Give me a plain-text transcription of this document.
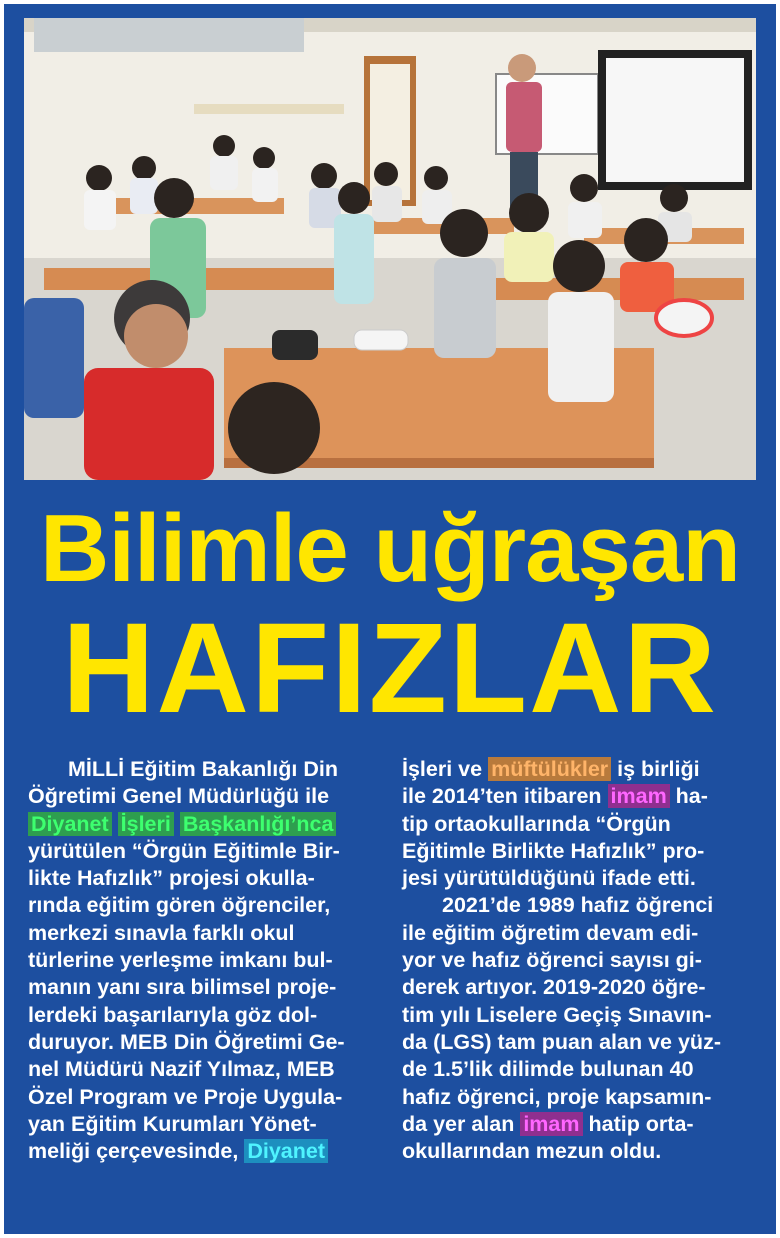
Bilimle uğraşan
HAFIZLAR

MİLLİ Eğitim Bakanlığı Din
Öğretimi Genel Müdürlüğü ile
Diyanet İşleri Başkanlığı’nca
yürütülen “Örgün Eğitimle Bir-
likte Hafızlık” projesi okulla-
rında eğitim gören öğrenciler,
merkezi sınavla farklı okul
türlerine yerleşme imkanı bul-
manın yanı sıra bilimsel proje-
lerdeki başarılarıyla göz dol-
duruyor. MEB Din Öğretimi Ge-
nel Müdürü Nazif Yılmaz, MEB
Özel Program ve Proje Uygula-
yan Eğitim Kurumları Yönet-
meliği çerçevesinde, Diyanet

İşleri ve müftülükler iş birliği
ile 2014’ten itibaren imam ha-
tip ortaokullarında “Örgün
Eğitimle Birlikte Hafızlık” pro-
jesi yürütüldüğünü ifade etti.
2021’de 1989 hafız öğrenci
ile eğitim öğretim devam edi-
yor ve hafız öğrenci sayısı gi-
derek artıyor. 2019-2020 öğre-
tim yılı Liselere Geçiş Sınavın-
da (LGS) tam puan alan ve yüz-
de 1.5’lik dilimde bulunan 40
hafız öğrenci, proje kapsamın-
da yer alan imam hatip orta-
okullarından mezun oldu.
